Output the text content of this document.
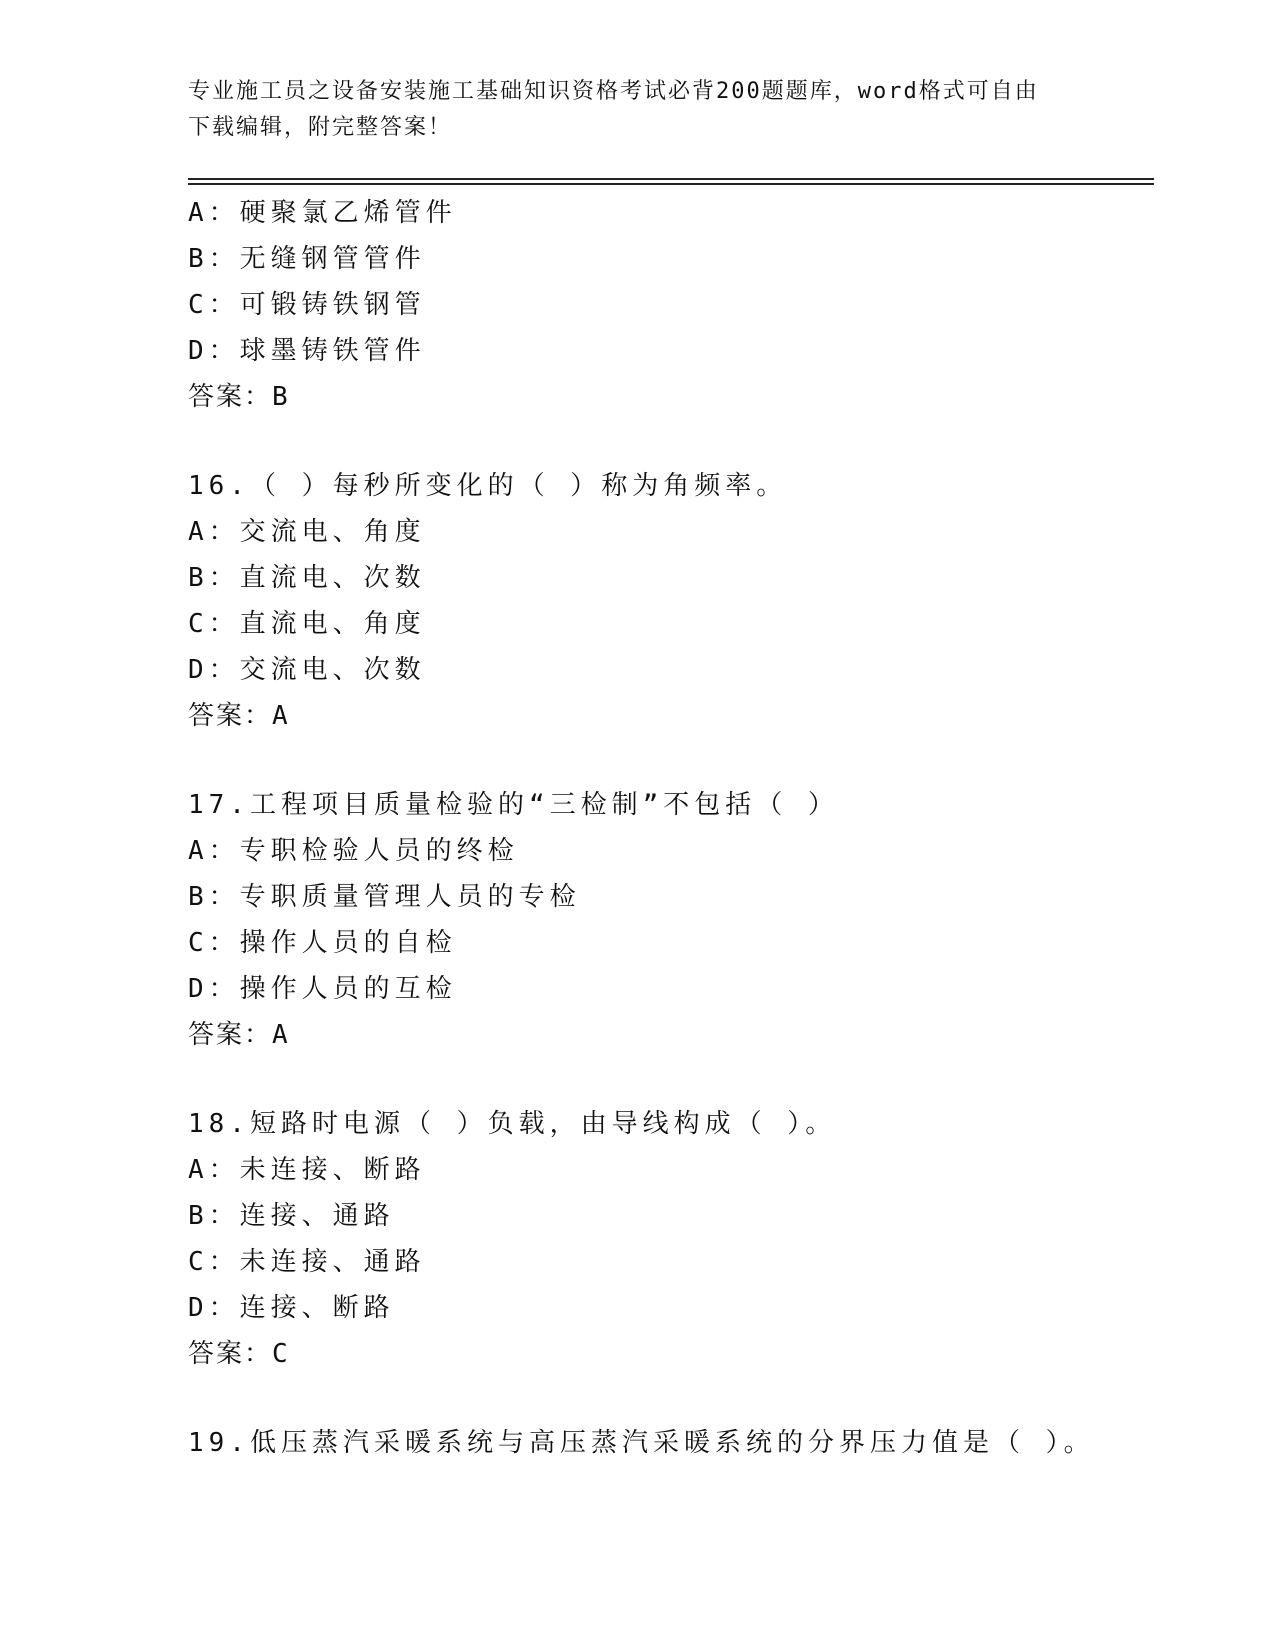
专业施工员之设备安装施工基础知识资格考试必背200题题库，word格式可自由
下载编辑，附完整答案！
A：硬聚氯乙烯管件
B：无缝钢管管件
C：可锻铸铁钢管
D：球墨铸铁管件
答案：B
16.（ ）每秒所变化的（ ）称为角频率。
A：交流电、角度
B：直流电、次数
C：直流电、角度
D：交流电、次数
答案：A
17.工程项目质量检验的“三检制”不包括（ ）
A：专职检验人员的终检
B：专职质量管理人员的专检
C：操作人员的自检
D：操作人员的互检
答案：A
18.短路时电源（ ）负载，由导线构成（ ）。
A：未连接、断路
B：连接、通路
C：未连接、通路
D：连接、断路
答案：C
19.低压蒸汽采暖系统与高压蒸汽采暖系统的分界压力值是（ ）。
